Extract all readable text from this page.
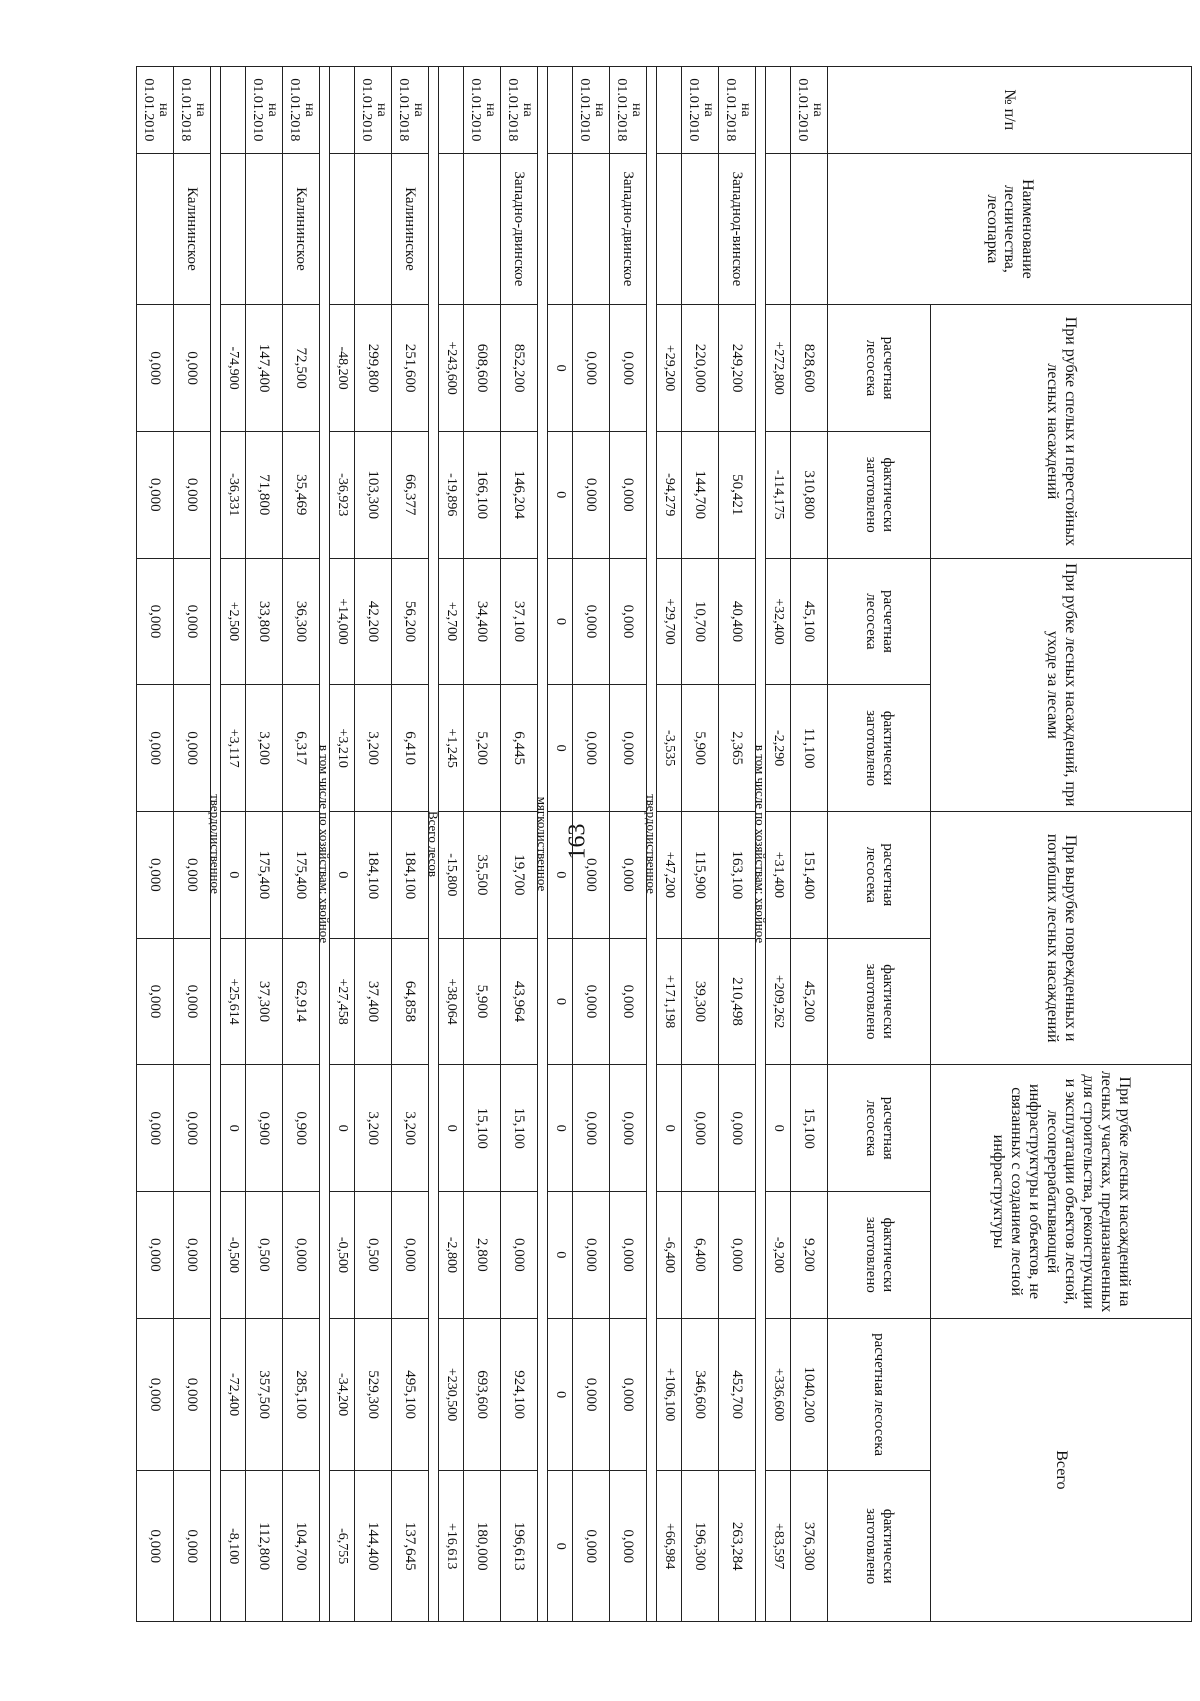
163
№ п/п	Наименование лесничества, лесопарка	При рубке спелых и перестойных лесных насаждений		При рубке лесных насаждений, при уходе за лесами		При вырубке поврежденных и погибших лесных насаждений		При рубке лесных насаждений на лесных участках, предназначенных для строительства, реконструкции и эксплуатации объектов лесной, лесоперерабатывающей инфраструктуры и объектов, не связанных с созданием лесной инфраструктуры		Всего	
		расчетная лесосека	фактически заготовлено	расчетная лесосека	фактически заготовлено	расчетная лесосека	фактически заготовлено	расчетная лесосека	фактически заготовлено	расчетная лесосека	фактически заготовлено
на 01.01.2010		828,600	310,800	45,100	11,100	151,400	45,200	15,100	9,200	1040,200	376,300
		+272,800	-114,175	+32,400	-2,290	+31,400	+209,262	0	-9,200	+336,600	+83,597
в том числе по хозяйствам: хвойное											
на 01.01.2018	Западнод-винское	249,200	50,421	40,400	2,365	163,100	210,498	0,000	0,000	452,700	263,284
на 01.01.2010		220,000	144,700	10,700	5,900	115,900	39,300	0,000	6,400	346,600	196,300
		+29,200	-94,279	+29,700	-3,535	+47,200	+171,198	0	-6,400	+106,100	+66,984
твердолиственное											
на 01.01.2018	Западно-двинское	0,000	0,000	0,000	0,000	0,000	0,000	0,000	0,000	0,000	0,000
на 01.01.2010		0,000	0,000	0,000	0,000	0,000	0,000	0,000	0,000	0,000	0,000
		0	0	0	0	0	0	0	0	0	0
мягколиственное											
на 01.01.2018	Западно-двинское	852,200	146,204	37,100	6,445	19,700	43,964	15,100	0,000	924,100	196,613
на 01.01.2010		608,600	166,100	34,400	5,200	35,500	5,900	15,100	2,800	693,600	180,000
		+243,600	-19,896	+2,700	+1,245	-15,800	+38,064	0	-2,800	+230,500	+16,613
Всего лесов											
на 01.01.2018	Калининское	251,600	66,377	56,200	6,410	184,100	64,858	3,200	0,000	495,100	137,645
на 01.01.2010		299,800	103,300	42,200	3,200	184,100	37,400	3,200	0,500	529,300	144,400
		-48,200	-36,923	+14,000	+3,210	0	+27,458	0	-0,500	-34,200	-6,755
в том числе по хозяйствам: хвойное											
на 01.01.2018	Калининское	72,500	35,469	36,300	6,317	175,400	62,914	0,900	0,000	285,100	104,700
на 01.01.2010		147,400	71,800	33,800	3,200	175,400	37,300	0,900	0,500	357,500	112,800
		-74,900	-36,331	+2,500	+3,117	0	+25,614	0	-0,500	-72,400	-8,100
твердолиственное											
на 01.01.2018	Калининское	0,000	0,000	0,000	0,000	0,000	0,000	0,000	0,000	0,000	0,000
на 01.01.2010		0,000	0,000	0,000	0,000	0,000	0,000	0,000	0,000	0,000	0,000
